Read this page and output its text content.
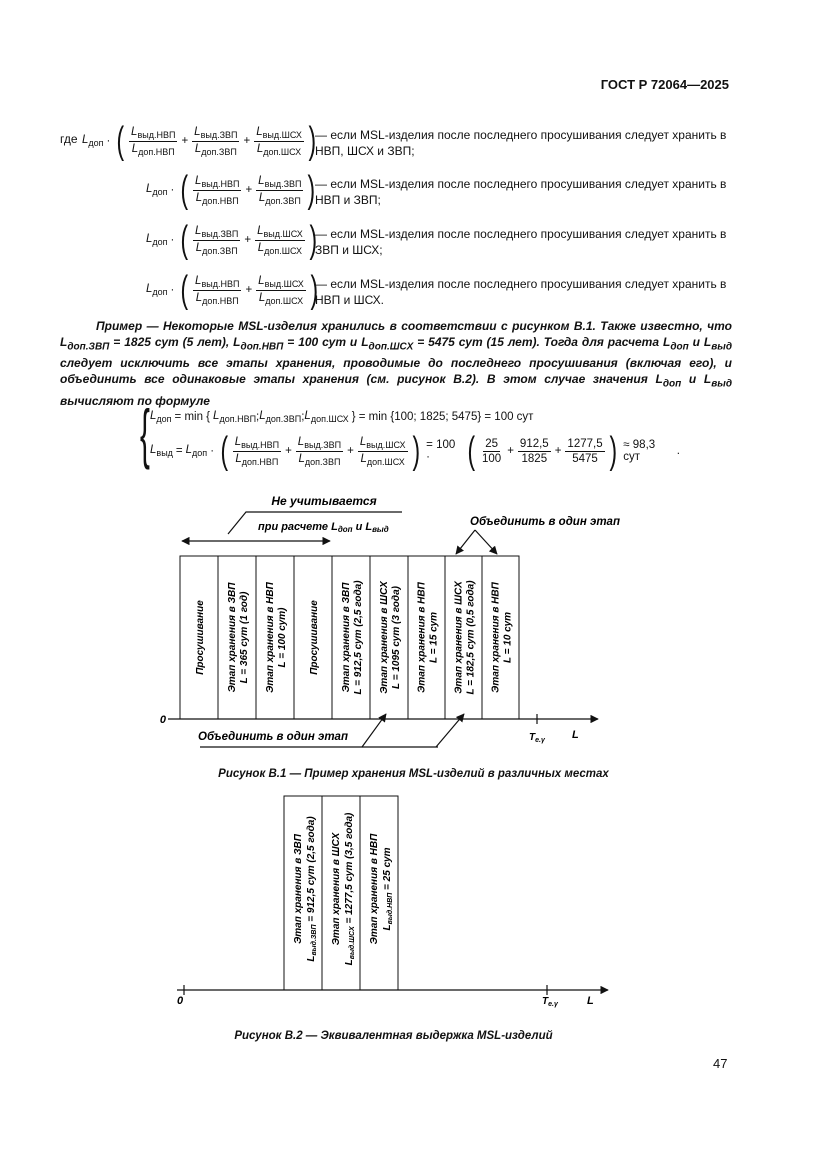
ГОСТ Р 72064—2025
где $L_{доп}$ · ( $\frac{L_{выд.НВП}}{L_{доп.НВП}} + \frac{L_{выд.ЗВП}}{L_{доп.ЗВП}} + \frac{L_{выд.ШСХ}}{L_{доп.ШСХ}}$ ) — если MSL-изделия после последнего просушивания следует хранить в НВП, ШСХ и ЗВП;
$L_{доп}$ · ( $\frac{L_{выд.НВП}}{L_{доп.НВП}} + \frac{L_{выд.ЗВП}}{L_{доп.ЗВП}}$ ) — если MSL-изделия после последнего просушивания следует хранить в НВП и ЗВП;
$L_{доп}$ · ( $\frac{L_{выд.ЗВП}}{L_{доп.ЗВП}} + \frac{L_{выд.ШСХ}}{L_{доп.ШСХ}}$ )
— если MSL-изделия после последнего просушивания следует хранить в ЗВП и ШСХ;
$L_{доп}$ · ( $\frac{L_{выд.НВП}}{L_{доп.НВП}} + \frac{L_{выд.ШСХ}}{L_{доп.ШСХ}}$ )
— если MSL-изделия после последнего просушивания следует хранить в НВП и ШСХ.
Пример — Некоторые MSL-изделия хранились в соответствии с рисунком В.1. Также известно, что $L_{доп.ЗВП} = 1825$ сут (5 лет), $L_{доп.НВП} = 100$ сут и $L_{доп.ШСХ} = 5475$ сут (15 лет). Тогда для расчета $L_{доп}$ и $L_{выд}$ следует исключить все этапы хранения, проводимые до последнего просушивания (включая его), и объединить все одинаковые этапы хранения (см. рисунок В.2). В этом случае значения $L_{доп}$ и $L_{выд}$ вычисляют по формуле
{ $L_{доп} = \min$ { $L_{доп.НВП}$ ; $L_{доп.ЗВП}$ ; $L_{доп.ШСХ}$ } = min {100; 1825; 5475} = 100 сут
$L_{выд} = L_{доп}$ · ( $\frac{L_{выд.НВП}}{L_{доп.НВП}} + \frac{L_{выд.ЗВП}}{L_{доп.ЗВП}} + \frac{L_{выд.ШСХ}}{L_{доп.ШСХ}}$ ) = 100 · ( $\frac{25}{100} + \frac{912,5}{1825} + \frac{1277,5}{5475}$ ) ≈ 98,3 сут	.
Не учитывается
при расчете Lдоп и Lвыд
Объединить в один этап
Просушивание Этап хранения в ЗВП L = 365 сут (1 год) Этап хранения в НВП L = 100 сут) Просушивание Этап хранения в ЗВП L = 912,5 сут (2,5 года) Этап хранения в ШСХ L = 1095 сут (3 года) Этап хранения в НВП L = 15 сут Этап хранения в ШСХ L = 182,5 сут (0,5 года) Этап хранения в НВП L = 10 сут
0
$T_{е.\gamma}$ L
Объединить в один этап
Рисунок В.1 — Пример хранения MSL-изделий в различных местах
Этап хранения в ЗВП
$L_{выд.ЗВП} = 912,5$ сут (2,5 года) Этап хранения в ШСХ
$L_{выд.ШСХ} = 1277,5$ сут (3,5 года) Этап хранения в НВП $L_{выд.НВП} = 25$ сут
0	$T_{е.\gamma}$	L
Рисунок В.2 — Эквивалентная выдержка MSL-изделий
47
